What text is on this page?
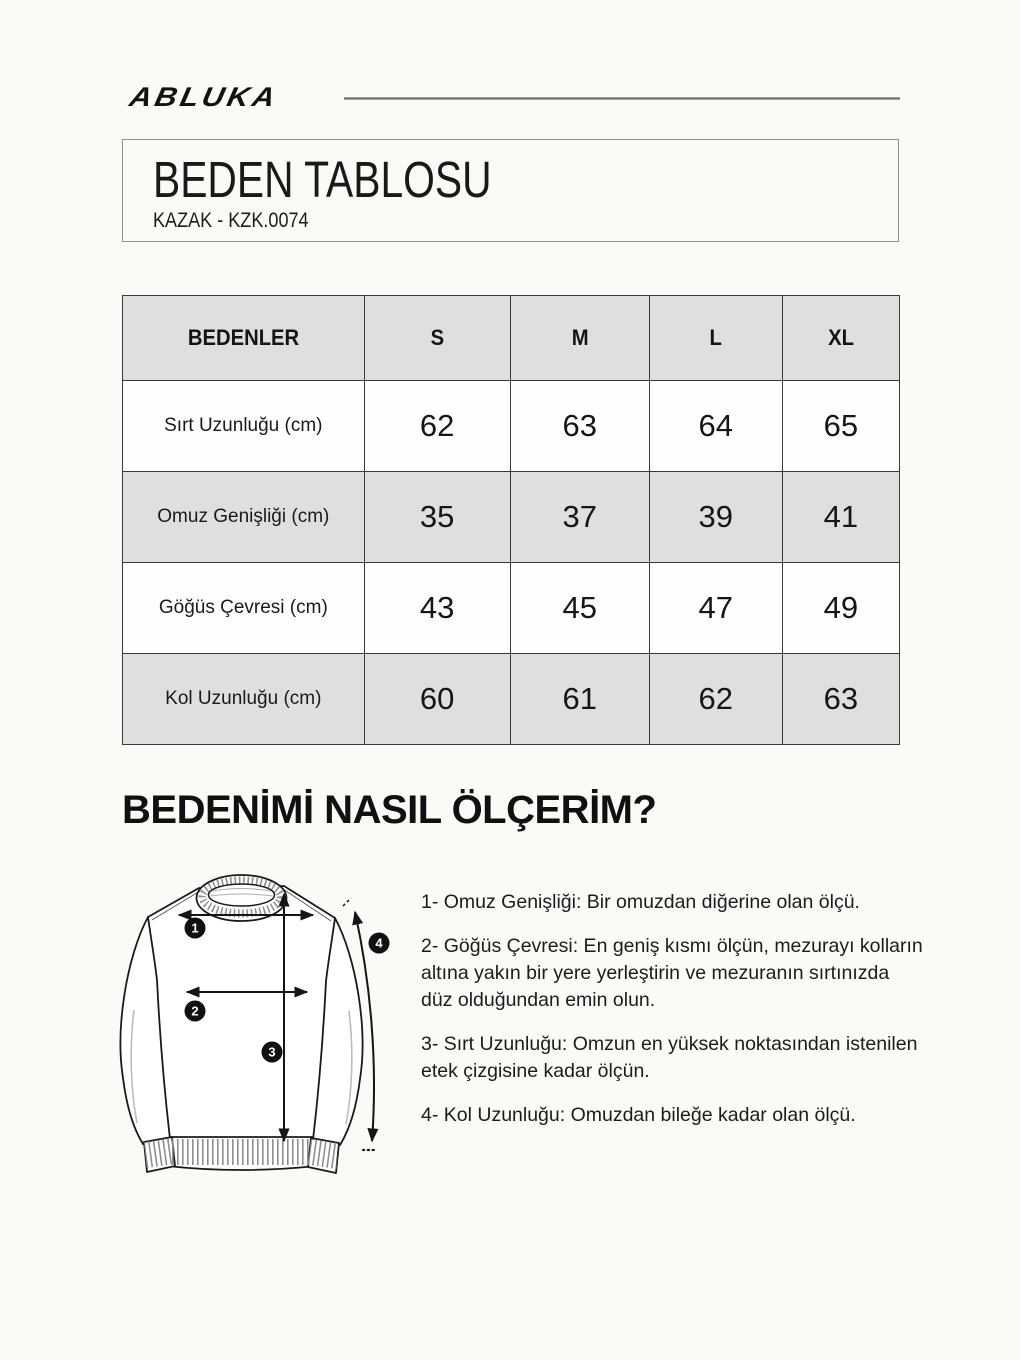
ABLUKA
BEDEN TABLOSU
KAZAK - KZK.0074
BEDENLER	S	M	L	XL
Sırt Uzunluğu (cm)	62	63	64	65
Omuz Genişliği (cm)	35	37	39	41
Göğüs Çevresi (cm)	43	45	47	49
Kol Uzunluğu (cm)	60	61	62	63
BEDENİMİ NASIL ÖLÇERİM?
1
2
3
4

1- Omuz Genişliği: Bir omuzdan diğerine olan ölçü.

2- Göğüs Çevresi: En geniş kısmı ölçün, mezurayı kolların altına yakın bir yere yerleştirin ve mezuranın sırtınızda düz olduğundan emin olun.

3- Sırt Uzunluğu: Omzun en yüksek noktasından istenilen etek çizgisine kadar ölçün.

4- Kol Uzunluğu: Omuzdan bileğe kadar olan ölçü.
